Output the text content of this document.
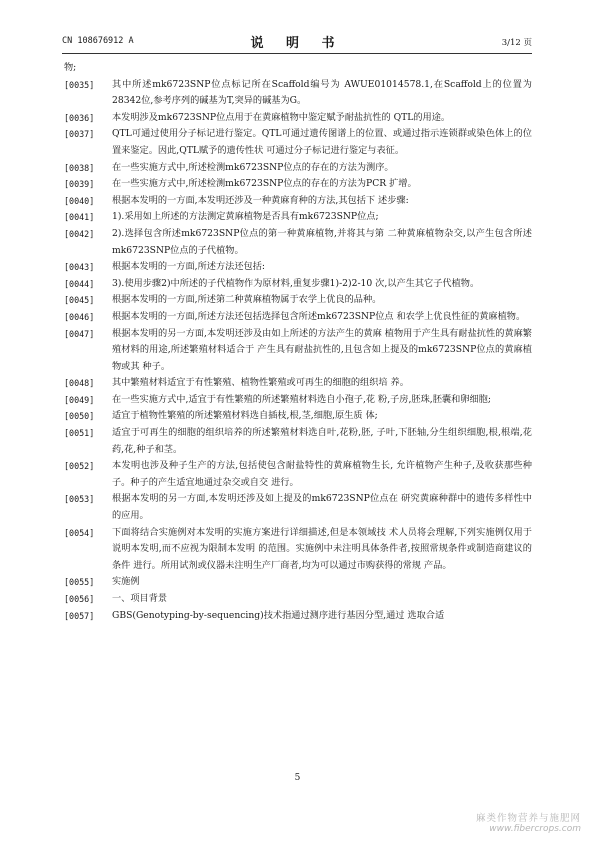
CN 108676912 A	说 明 书	3/12 页
物;
[0035] 其中所述mk6723SNP位点标记所在Scaffold编号为 AWUE01014578.1,在Scaffold上的位置为28342位,参考序列的碱基为T,突异的碱基为G。
[0036] 本发明涉及mk6723SNP位点用于在黄麻植物中鉴定赋予耐盐抗性的 QTL的用途。
[0037] QTL可通过使用分子标记进行鉴定。QTL可通过遗传图谱上的位置、或通过指示连锁群或染色体上的位置来鉴定。因此,QTL赋予的遗传性状 可通过分子标记进行鉴定与表征。
[0038] 在一些实施方式中,所述检测mk6723SNP位点的存在的方法为测序。
[0039] 在一些实施方式中,所述检测mk6723SNP位点的存在的方法为PCR 扩增。
[0040] 根据本发明的一方面,本发明还涉及一种黄麻育种的方法,其包括下 述步骤:
[0041] 1).采用如上所述的方法测定黄麻植物是否具有mk6723SNP位点;
[0042] 2).选择包含所述mk6723SNP位点的第一种黄麻植物,并将其与第 二种黄麻植物杂交,以产生包含所述mk6723SNP位点的子代植物。
[0043] 根据本发明的一方面,所述方法还包括:
[0044] 3).使用步骤2)中所述的子代植物作为原材料,重复步骤1)-2)2-10 次,以产生其它子代植物。
[0045] 根据本发明的一方面,所述第二种黄麻植物属于农学上优良的品种。
[0046] 根据本发明的一方面,所述方法还包括选择包含所述mk6723SNP位点 和农学上优良性征的黄麻植物。
[0047] 根据本发明的另一方面,本发明还涉及由如上所述的方法产生的黄麻 植物用于产生具有耐盐抗性的黄麻繁殖材料的用途,所述繁殖材料适合于 产生具有耐盐抗性的,且包含如上提及的mk6723SNP位点的黄麻植物或其 种子。
[0048] 其中繁殖材料适宜于有性繁殖、植物性繁殖或可再生的细胞的组织培 养。
[0049] 在一些实施方式中,适宜于有性繁殖的所述繁殖材料选自小孢子,花 粉,子房,胚珠,胚囊和卵细胞;
[0050] 适宜于植物性繁殖的所述繁殖材料选自插枝,根,茎,细胞,原生质 体;
[0051] 适宜于可再生的细胞的组织培养的所述繁殖材料选自叶,花粉,胚, 子叶,下胚轴,分生组织细胞,根,根端,花药,花,种子和茎。
[0052] 本发明也涉及种子生产的方法,包括使包含耐盐特性的黄麻植物生长, 允许植物产生种子,及收获那些种子。种子的产生适宜地通过杂交或自交 进行。
[0053] 根据本发明的另一方面,本发明还涉及如上提及的mk6723SNP位点在 研究黄麻种群中的遗传多样性中的应用。
[0054] 下面将结合实施例对本发明的实施方案进行详细描述,但是本领域技 术人员将会理解,下列实施例仅用于说明本发明,而不应视为限制本发明 的范围。实施例中未注明具体条件者,按照常规条件或制造商建议的条件 进行。所用试剂或仪器未注明生产厂商者,均为可以通过市购获得的常规 产品。
[0055] 实施例
[0056] 一、项目背景
[0057] GBS(Genotyping-by-sequencing)技术指通过测序进行基因分型,通过 选取合适
5
麻类作物营养与施肥网
www.fibercrops.com
